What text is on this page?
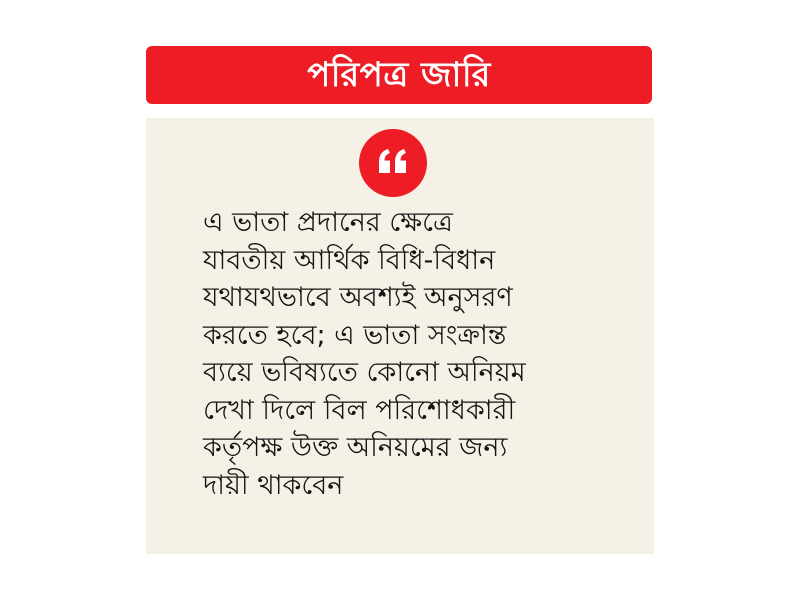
পরিপত্র জারি

এ ভাতা প্রদানের ক্ষেত্রে
যাবতীয় আর্থিক বিধি-বিধান
যথাযথভাবে অবশ্যই অনুসরণ
করতে হবে; এ ভাতা সংক্রান্ত
ব্যয়ে ভবিষ্যতে কোনো অনিয়ম
দেখা দিলে বিল পরিশোধকারী
কর্তৃপক্ষ উক্ত অনিয়মের জন্য
দায়ী থাকবেন
